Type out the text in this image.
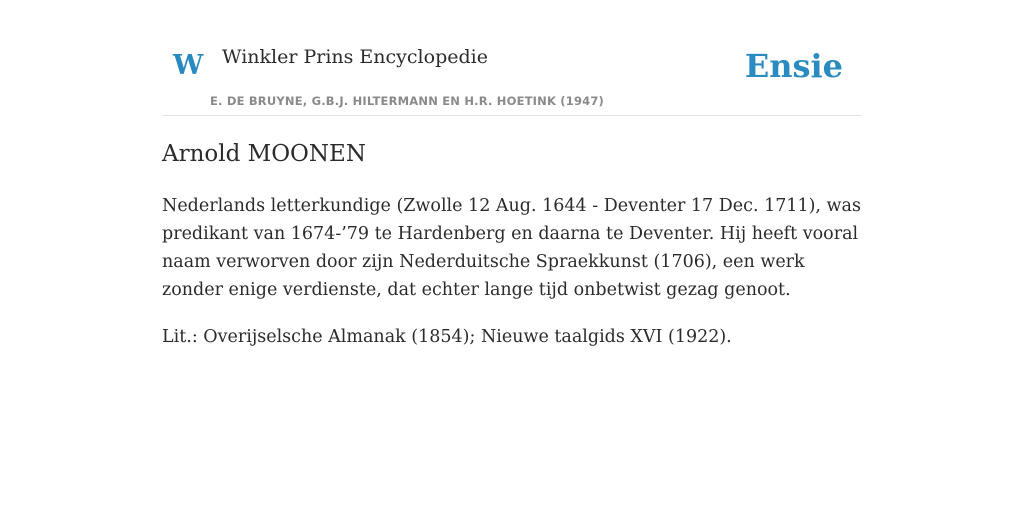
W Winkler Prins Encyclopedie
E. DE BRUYNE, G.B.J. HILTERMANN EN H.R. HOETINK (1947)
Ensie
Arnold MOONEN

Nederlands letterkundige (Zwolle 12 Aug. 1644 - Deventer 17 Dec. 1711), was predikant van 1674-’79 te Hardenberg en daarna te Deventer. Hij heeft vooral naam verworven door zijn Nederduitsche Spraekkunst (1706), een werk zonder enige verdienste, dat echter lange tijd onbetwist gezag genoot.

Lit.: Overijselsche Almanak (1854); Nieuwe taalgids XVI (1922).
